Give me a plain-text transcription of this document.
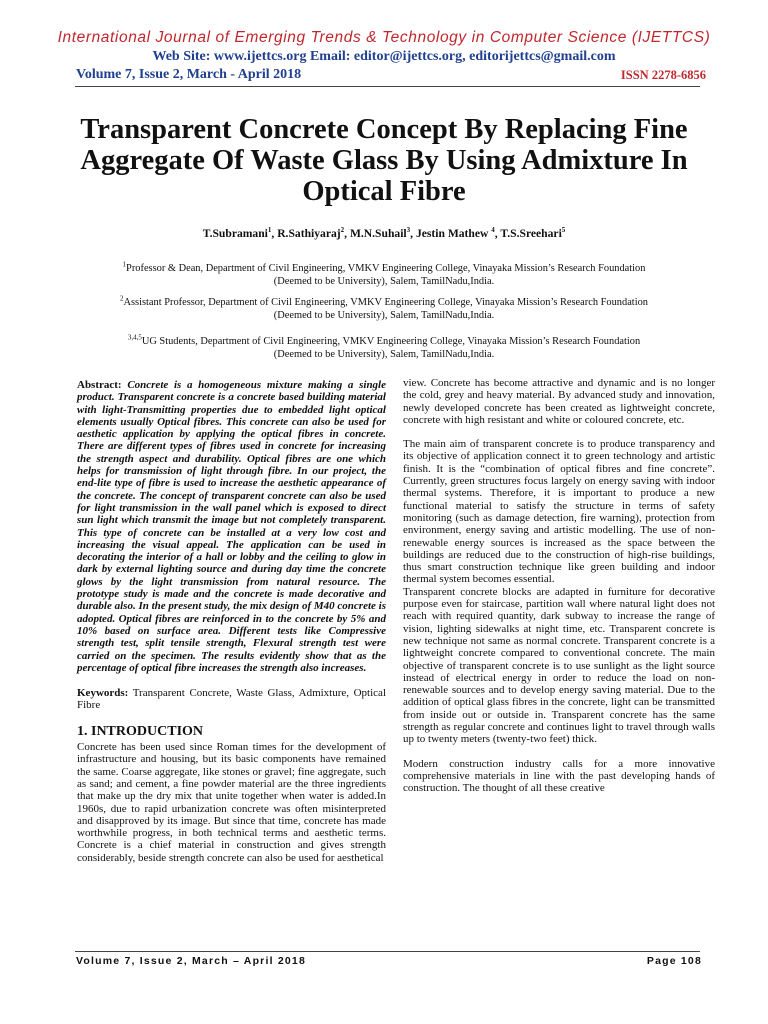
International Journal of Emerging Trends & Technology in Computer Science (IJETTCS)
Web Site: www.ijettcs.org Email: editor@ijettcs.org, editorijettcs@gmail.com
Volume 7, Issue 2, March - April 2018	ISSN 2278-6856
Transparent Concrete Concept By Replacing Fine Aggregate Of Waste Glass By Using Admixture In Optical Fibre
T.Subramani$^1$, R.Sathiyaraj$^2$, M.N.Suhail$^3$, Jestin Mathew $^4$, T.S.Sreehari$^5$
$^1$Professor & Dean, Department of Civil Engineering, VMKV Engineering College, Vinayaka Mission’s Research Foundation
(Deemed to be University), Salem, TamilNadu,India.
$^2$Assistant Professor, Department of Civil Engineering, VMKV Engineering College, Vinayaka Mission’s Research Foundation
(Deemed to be University), Salem, TamilNadu,India.
$^{3,4,5}$UG Students, Department of Civil Engineering, VMKV Engineering College, Vinayaka Mission’s Research Foundation
(Deemed to be University), Salem, TamilNadu,India.

Abstract: Concrete is a homogeneous mixture making a single product. Transparent concrete is a concrete based building material with light-Transmitting properties due to embedded light optical elements usually Optical fibres. This concrete can also be used for aesthetic application by applying the optical fibres in concrete. There are different types of fibres used in concrete for increasing the strength aspect and durability. Optical fibres are one which helps for transmission of light through fibre. In our project, the end-lite type of fibre is used to increase the aesthetic appearance of the concrete. The concept of transparent concrete can also be used for light transmission in the wall panel which is exposed to direct sun light which transmit the image but not completely transparent. This type of concrete can be installed at a very low cost and increasing the visual appeal. The application can be used in decorating the interior of a hall or lobby and the ceiling to glow in dark by external lighting source and during day time the concrete glows by the light transmission from natural resource. The prototype study is made and the concrete is made decorative and durable also. In the present study, the mix design of M40 concrete is adopted. Optical fibres are reinforced in to the concrete by 5% and 10% based on surface area. Different tests like Compressive strength test, split tensile strength, Flexural strength test were carried on the specimen. The results evidently show that as the percentage of optical fibre increases the strength also increases.

Keywords: Transparent Concrete, Waste Glass, Admixture, Optical Fibre

1. INTRODUCTION

Concrete has been used since Roman times for the development of infrastructure and housing, but its basic components have remained the same. Coarse aggregate, like stones or gravel; fine aggregate, such as sand; and cement, a fine powder material are the three ingredients that make up the dry mix that unite together when water is added.In 1960s, due to rapid urbanization concrete was often misinterpreted and disapproved by its image. But since that time, concrete has made worthwhile progress, in both technical terms and aesthetic terms. Concrete is a chief material in construction and gives strength considerably, beside strength concrete can also be used for aesthetical

view. Concrete has become attractive and dynamic and is no longer the cold, grey and heavy material. By advanced study and innovation, newly developed concrete has been created as lightweight concrete, concrete with high resistant and white or coloured concrete, etc.

The main aim of transparent concrete is to produce transparency and its objective of application connect it to green technology and artistic finish. It is the “combination of optical fibres and fine concrete”. Currently, green structures focus largely on energy saving with indoor thermal systems. Therefore, it is important to produce a new functional material to satisfy the structure in terms of safety monitoring (such as damage detection, fire warning), protection from environment, energy saving and artistic modelling. The use of non- renewable energy sources is increased as the space between the buildings are reduced due to the construction of high-rise buildings, thus smart construction technique like green building and indoor thermal system becomes essential.

Transparent concrete blocks are adapted in furniture for decorative purpose even for staircase, partition wall where natural light does not reach with required quantity, dark subway to increase the range of vision, lighting sidewalks at night time, etc. Transparent concrete is new technique not same as normal concrete. Transparent concrete is a lightweight concrete compared to conventional concrete. The main objective of transparent concrete is to use sunlight as the light source instead of electrical energy in order to reduce the load on non- renewable sources and to develop energy saving material. Due to the addition of optical glass fibres in the concrete, light can be transmitted from inside out or outside in. Transparent concrete has the same strength as regular concrete and continues light to travel through walls up to twenty meters (twenty-two feet) thick.

Modern construction industry calls for a more innovative comprehensive materials in line with the past developing hands of construction. The thought of all these creative

Volume 7, Issue 2, March – April 2018	Page 108
